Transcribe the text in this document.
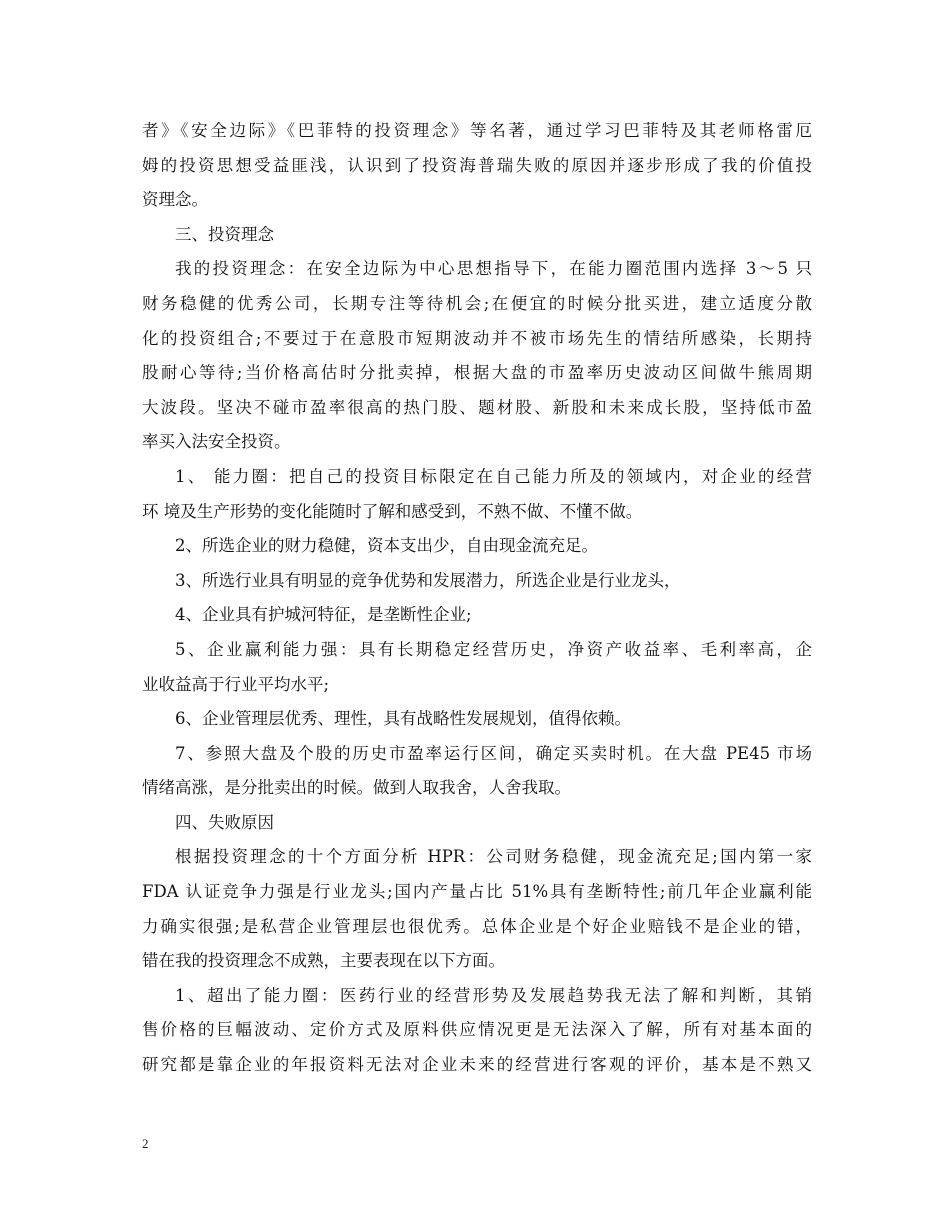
者》《安全边际》《巴菲特的投资理念》等名著，通过学习巴菲特及其老师格雷厄
姆的投资思想受益匪浅，认识到了投资海普瑞失败的原因并逐步形成了我的价值投
资理念。
三、投资理念
我的投资理念：在安全边际为中心思想指导下，在能力圈范围内选择 3～5 只
财务稳健的优秀公司，长期专注等待机会;在便宜的时候分批买进，建立适度分散
化的投资组合;不要过于在意股市短期波动并不被市场先生的情结所感染，长期持
股耐心等待;当价格高估时分批卖掉，根据大盘的市盈率历史波动区间做牛熊周期
大波段。坚决不碰市盈率很高的热门股、题材股、新股和未来成长股，坚持低市盈
率买入法安全投资。
1、 能力圈：把自己的投资目标限定在自己能力所及的领域内，对企业的经营
环 境及生产形势的变化能随时了解和感受到，不熟不做、不懂不做。
2、所选企业的财力稳健，资本支出少，自由现金流充足。
3、所选行业具有明显的竞争优势和发展潜力，所选企业是行业龙头，
4、企业具有护城河特征，是垄断性企业;
5、企业赢利能力强：具有长期稳定经营历史，净资产收益率、毛利率高，企
业收益高于行业平均水平;
6、企业管理层优秀、理性，具有战略性发展规划，值得依赖。
7、参照大盘及个股的历史市盈率运行区间，确定买卖时机。在大盘 PE45 市场
情绪高涨，是分批卖出的时候。做到人取我舍，人舍我取。
四、失败原因
根据投资理念的十个方面分析 HPR：公司财务稳健，现金流充足;国内第一家
FDA 认证竞争力强是行业龙头;国内产量占比 51%具有垄断特性;前几年企业赢利能
力确实很强;是私营企业管理层也很优秀。总体企业是个好企业赔钱不是企业的错，
错在我的投资理念不成熟，主要表现在以下方面。
1、超出了能力圈：医药行业的经营形势及发展趋势我无法了解和判断，其销
售价格的巨幅波动、定价方式及原料供应情况更是无法深入了解，所有对基本面的
研究都是靠企业的年报资料无法对企业未来的经营进行客观的评价，基本是不熟又
2
